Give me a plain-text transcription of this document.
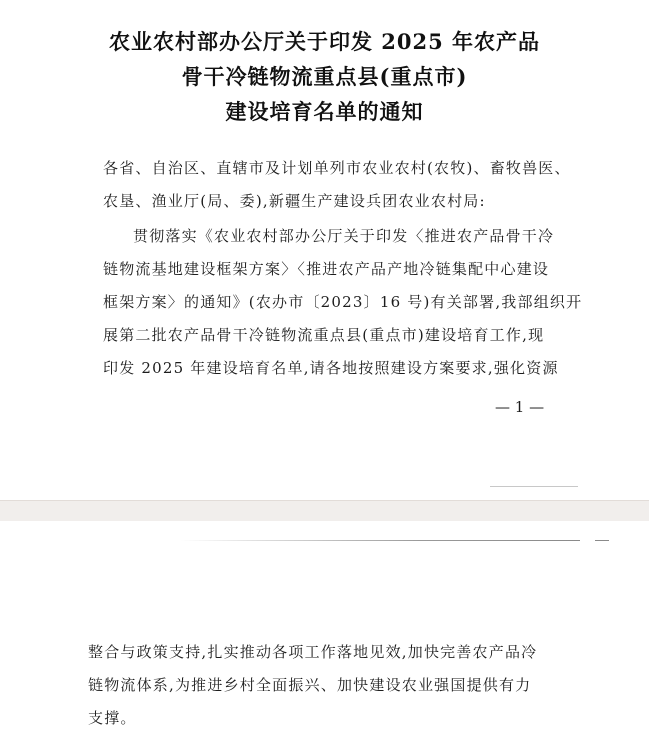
农业农村部办公厅关于印发 2025 年农产品
骨干冷链物流重点县(重点市)
建设培育名单的通知

各省、自治区、直辖市及计划单列市农业农村(农牧)、畜牧兽医、

农垦、渔业厅(局、委),新疆生产建设兵团农业农村局:

贯彻落实《农业农村部办公厅关于印发〈推进农产品骨干冷

链物流基地建设框架方案〉〈推进农产品产地冷链集配中心建设

框架方案〉的通知》(农办市〔2023〕16 号)有关部署,我部组织开

展第二批农产品骨干冷链物流重点县(重点市)建设培育工作,现

印发 2025 年建设培育名单,请各地按照建设方案要求,强化资源

— 1 —

整合与政策支持,扎实推动各项工作落地见效,加快完善农产品冷

链物流体系,为推进乡村全面振兴、加快建设农业强国提供有力

支撑。
